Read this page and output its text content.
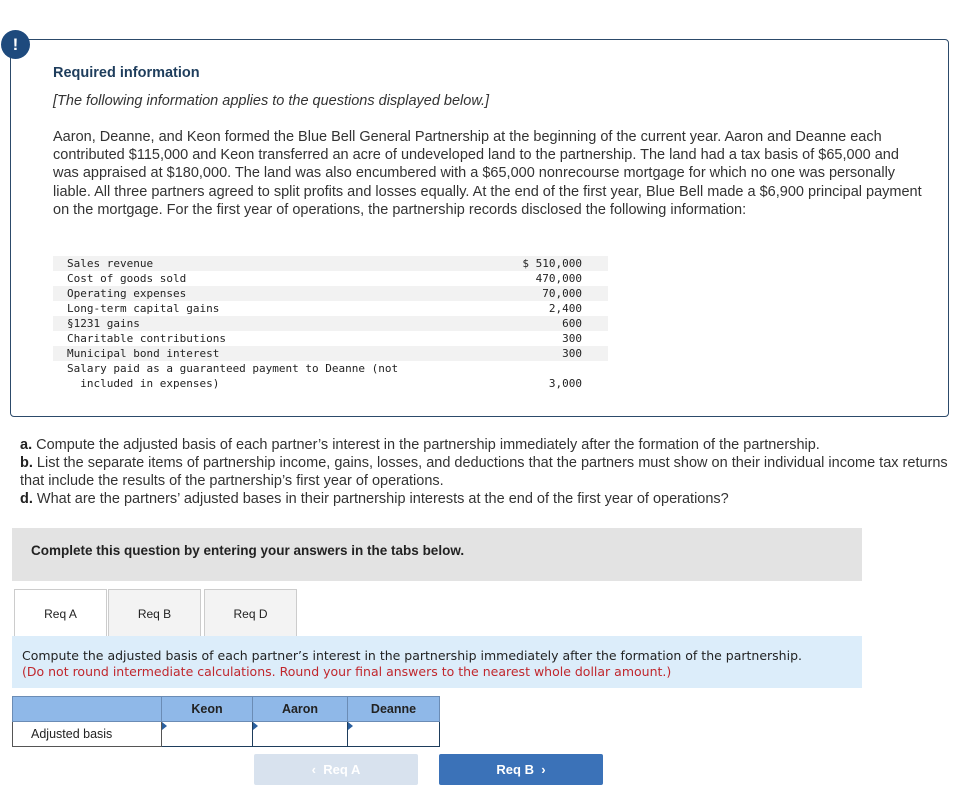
!
Required information
[The following information applies to the questions displayed below.]
Aaron, Deanne, and Keon formed the Blue Bell General Partnership at the beginning of the current year. Aaron and Deanne each contributed $115,000 and Keon transferred an acre of undeveloped land to the partnership. The land had a tax basis of $65,000 and was appraised at $180,000. The land was also encumbered with a $65,000 nonrecourse mortgage for which no one was personally liable. All three partners agreed to split profits and losses equally. At the end of the first year, Blue Bell made a $6,900 principal payment on the mortgage. For the first year of operations, the partnership records disclosed the following information:
Sales revenue	$ 510,000
Cost of goods sold	470,000
Operating expenses	70,000
Long-term capital gains	2,400
§1231 gains	600
Charitable contributions	300
Municipal bond interest	300
Salary paid as a guaranteed payment to Deanne (not
included in expenses)	3,000
a. Compute the adjusted basis of each partner’s interest in the partnership immediately after the formation of the partnership.
b. List the separate items of partnership income, gains, losses, and deductions that the partners must show on their individual income tax returns that include the results of the partnership’s first year of operations.
d. What are the partners’ adjusted bases in their partnership interests at the end of the first year of operations?
Complete this question by entering your answers in the tabs below.
Req A	Req B	Req D
Compute the adjusted basis of each partner’s interest in the partnership immediately after the formation of the partnership.
(Do not round intermediate calculations. Round your final answers to the nearest whole dollar amount.)
	Keon	Aaron	Deanne
Adjusted basis			
‹ Req A	Req B ›
